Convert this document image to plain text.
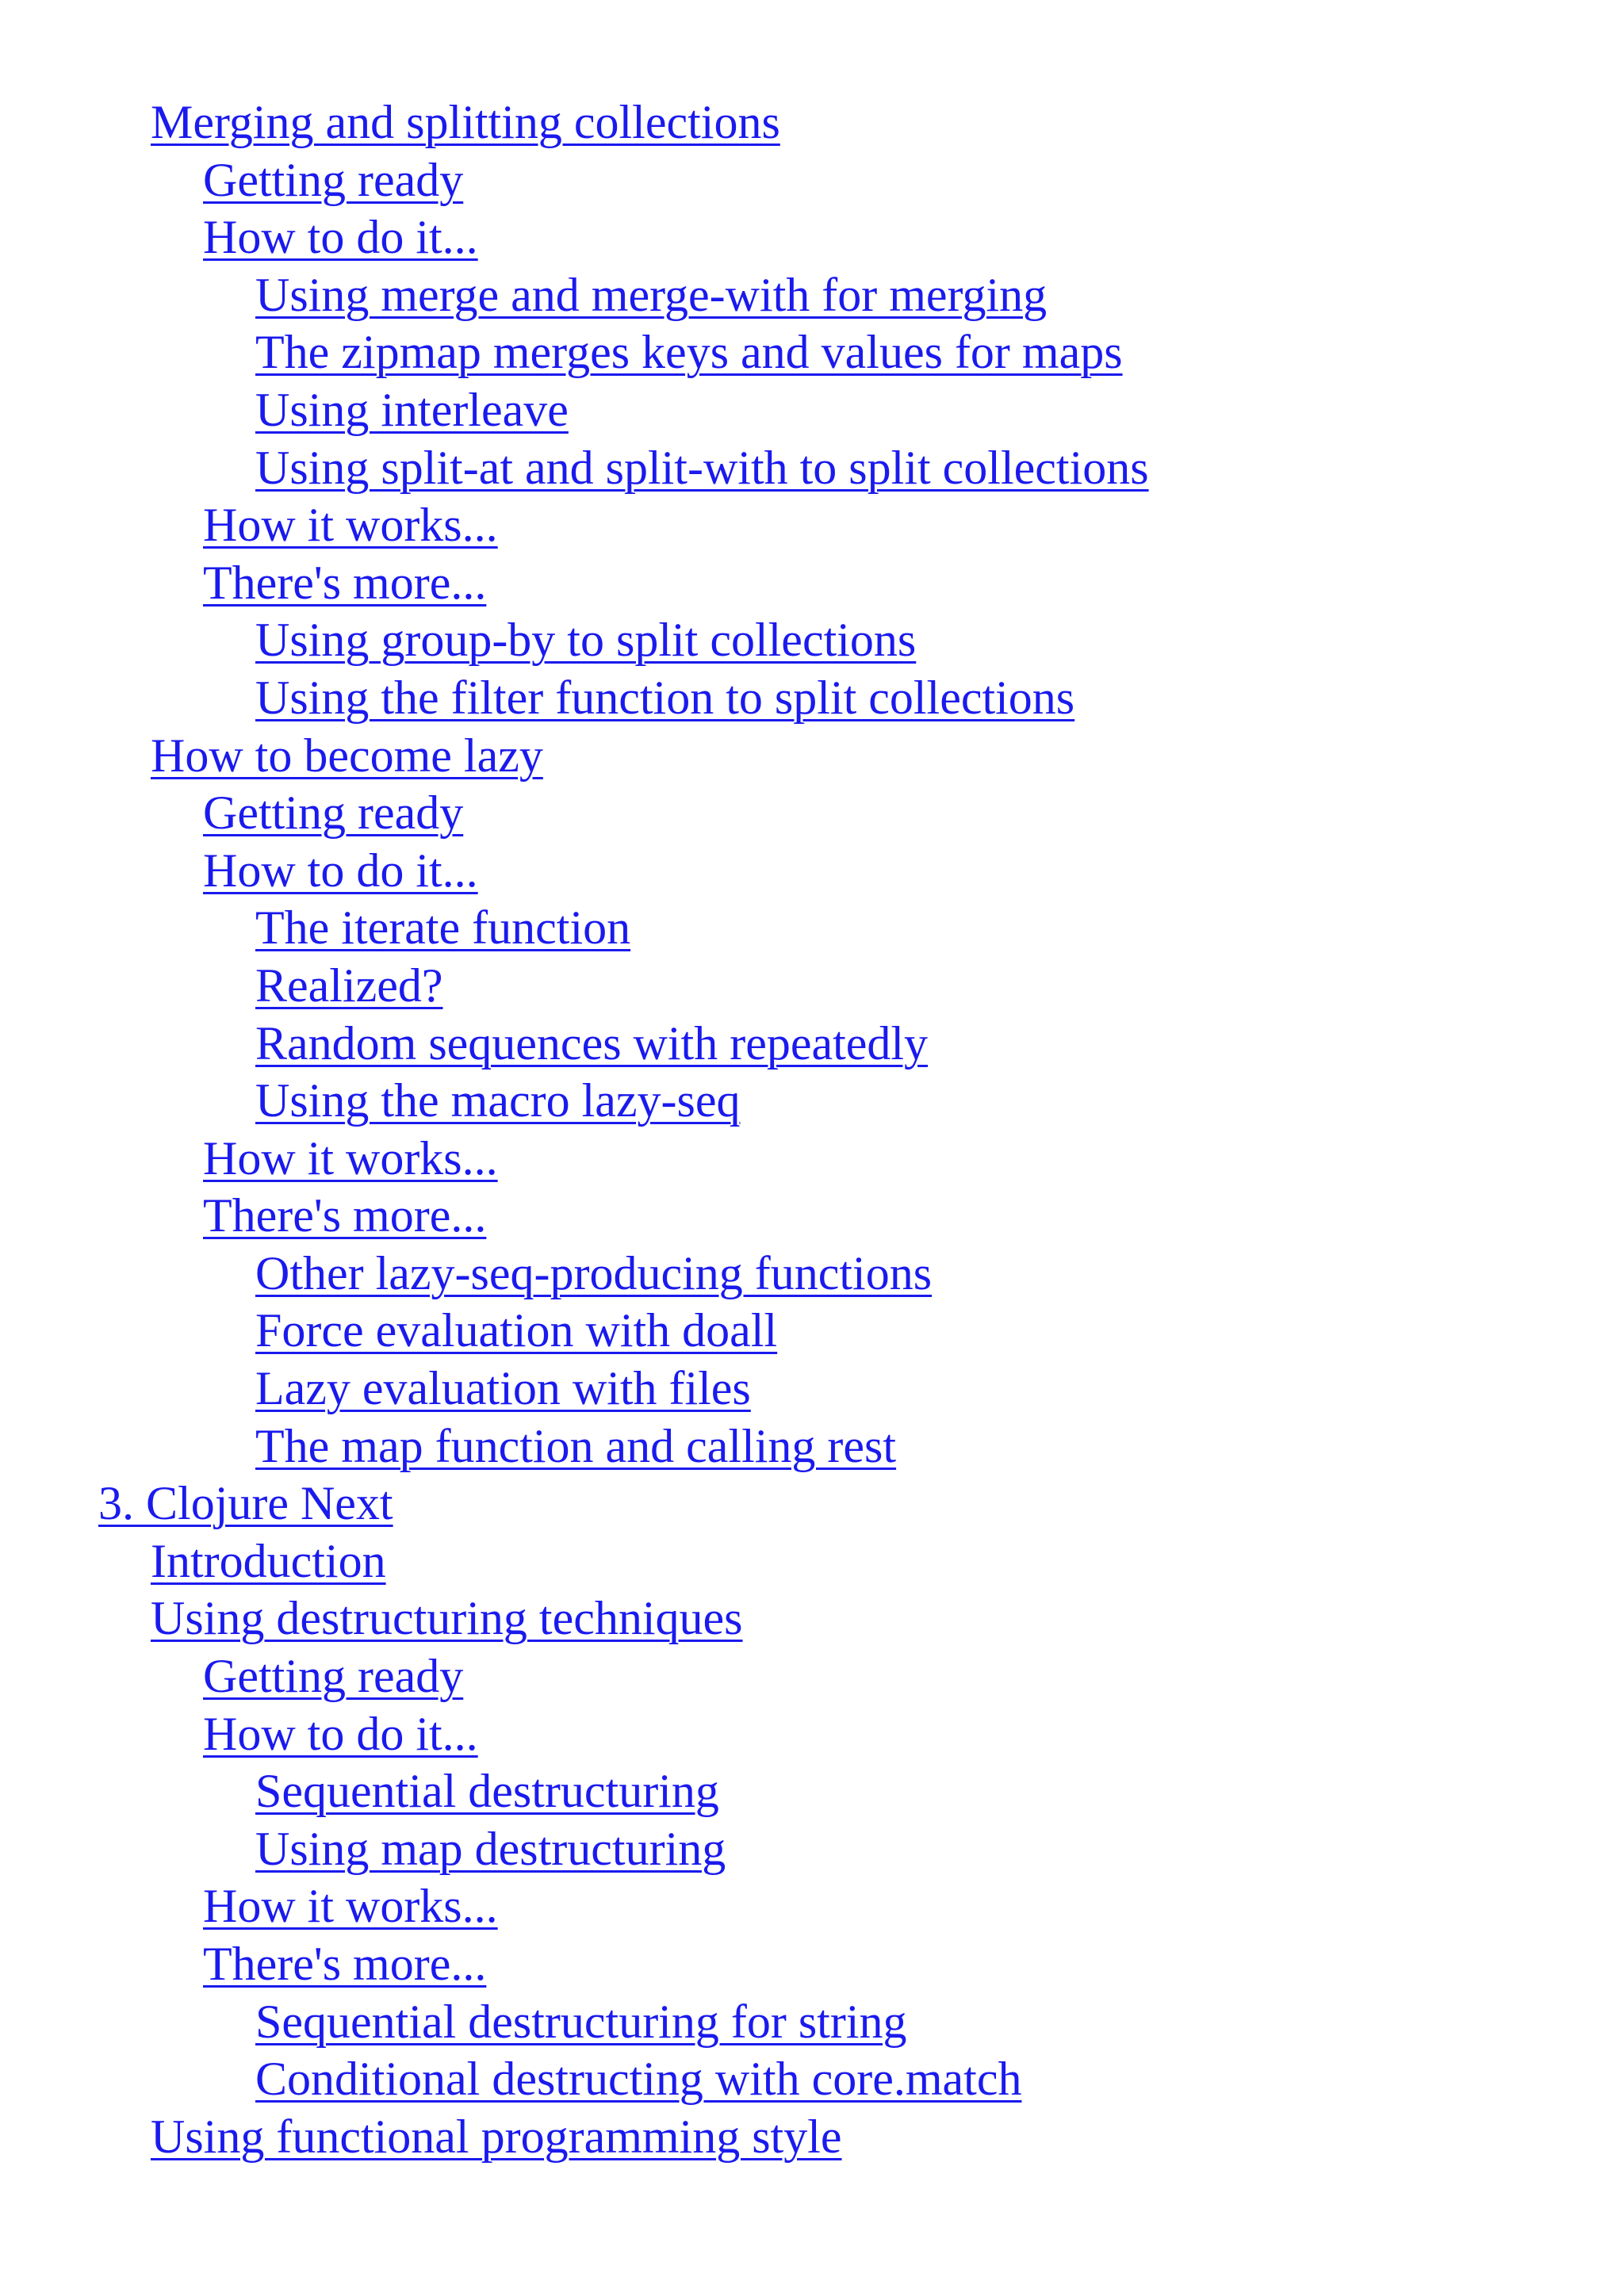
Merging and splitting collections
Getting ready
How to do it...
Using merge and merge-with for merging
The zipmap merges keys and values for maps
Using interleave
Using split-at and split-with to split collections
How it works...
There's more...
Using group-by to split collections
Using the filter function to split collections
How to become lazy
Getting ready
How to do it...
The iterate function
Realized?
Random sequences with repeatedly
Using the macro lazy-seq
How it works...
There's more...
Other lazy-seq-producing functions
Force evaluation with doall
Lazy evaluation with files
The map function and calling rest
3. Clojure Next
Introduction
Using destructuring techniques
Getting ready
How to do it...
Sequential destructuring
Using map destructuring
How it works...
There's more...
Sequential destructuring for string
Conditional destructing with core.match
Using functional programming style
